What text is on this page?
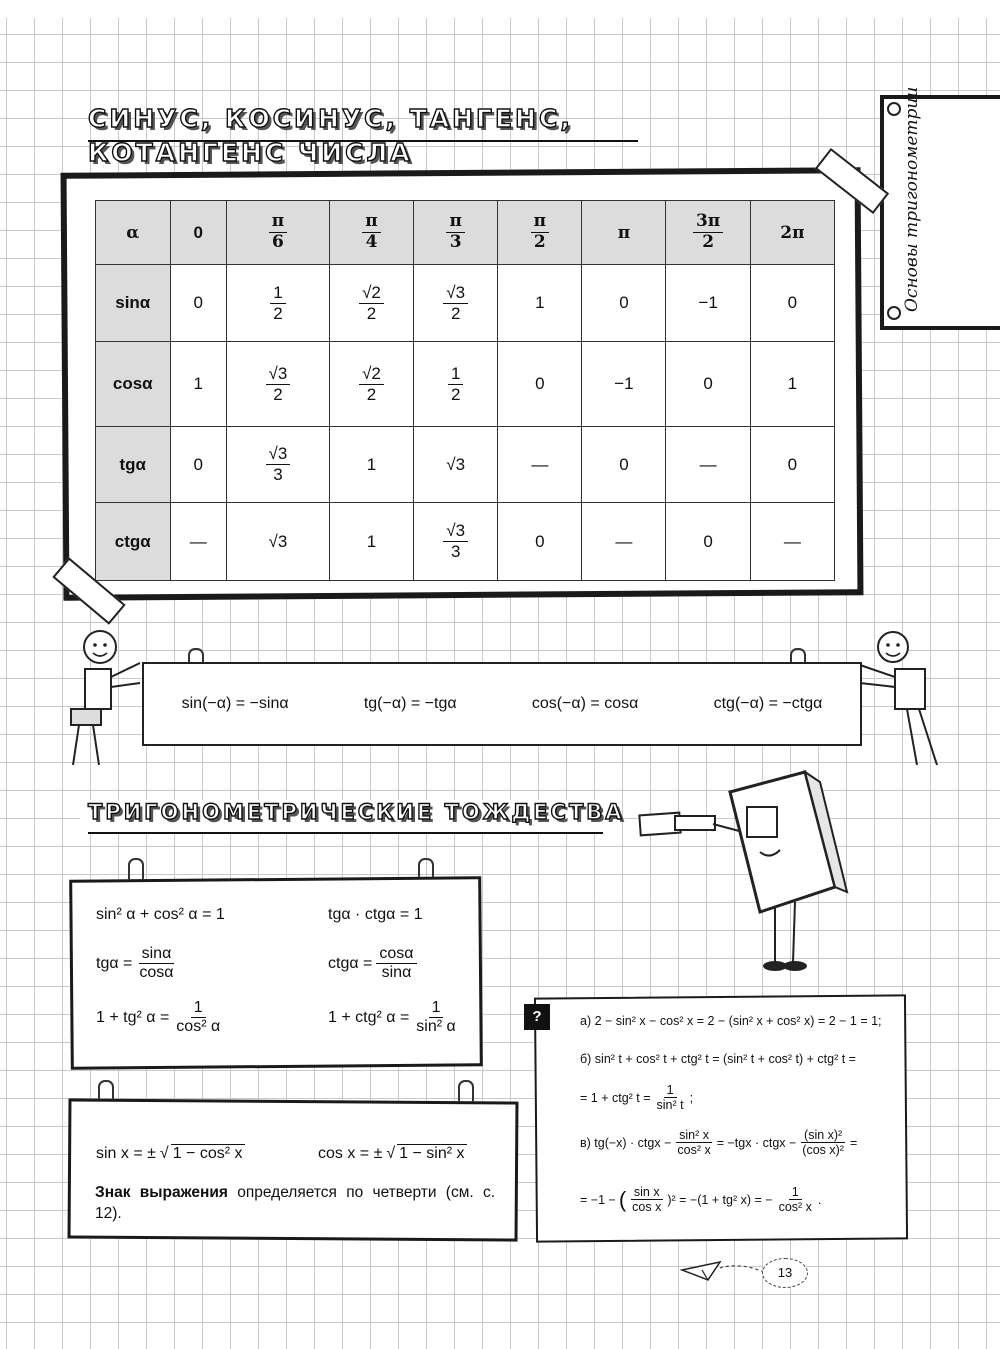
СИНУС, КОСИНУС, ТАНГЕНС,
КОТАНГЕНС ЧИСЛА	Основы тригонометрии
α	0	$\frac{\pi}{6}$	$\frac{\pi}{4}$	$\frac{\pi}{3}$	$\frac{\pi}{2}$	π	$\frac{3\pi}{2}$	2π
sinα	0	$\frac{1}{2}$	$\frac{√2}{2}$	$\frac{√3}{2}$	1	0	−1	0
cosα	1	$\frac{√3}{2}$	$\frac{√2}{2}$	$\frac{1}{2}$	0	−1	0	1
tgα	0	$\frac{√3}{3}$	1	√3	—	0	—	0
ctgα	—	√3	1	$\frac{√3}{3}$	0	—	0	—
sin(−α) = −sinα	tg(−α) = −tgα	cos(−α) = cosα	ctg(−α) = −ctgα
ТРИГОНОМЕТРИЧЕСКИЕ ТОЖДЕСТВА
sin² α + cos² α = 1	tgα · ctgα = 1
$tg\alpha = \frac{\sin\alpha}{\cos\alpha}$	$ctg\alpha = \frac{\cos\alpha}{\sin\alpha}$
1 + tg² $\alpha = \frac{1}{\text{cos² α}}$	1 + ctg² $\alpha = \frac{1}{\text{sin² α}}$
sin x = ± √ 1 − cos² x	cos x = ± √ 1 − sin² x
Знак выражения определяется по четверти (см. с. 12).
?	а) 2 − sin² x − cos² x = 2 − (sin² x + cos² x) = 2 − 1 = 1;
б) sin² t + cos² t + ctg² t = (sin² t + cos² t) + ctg² t =
= 1 + ctg² $t = \frac{1}{\text{sin² t}}$ ;
в) tg(−x) · ctgx − $\frac{\text{sin² x}}{\text{cos² x}} = -tgx$ · ctgx − $\frac{\text{(sin x)²}}{\text{(cos x)²}}$ =
= −1 − ( $\frac{\text{sin x}}{\text{cos x}} )^2 = -(1 + tg^2$ x) = − $\frac{1}{\text{cos² x}}$ .
13
